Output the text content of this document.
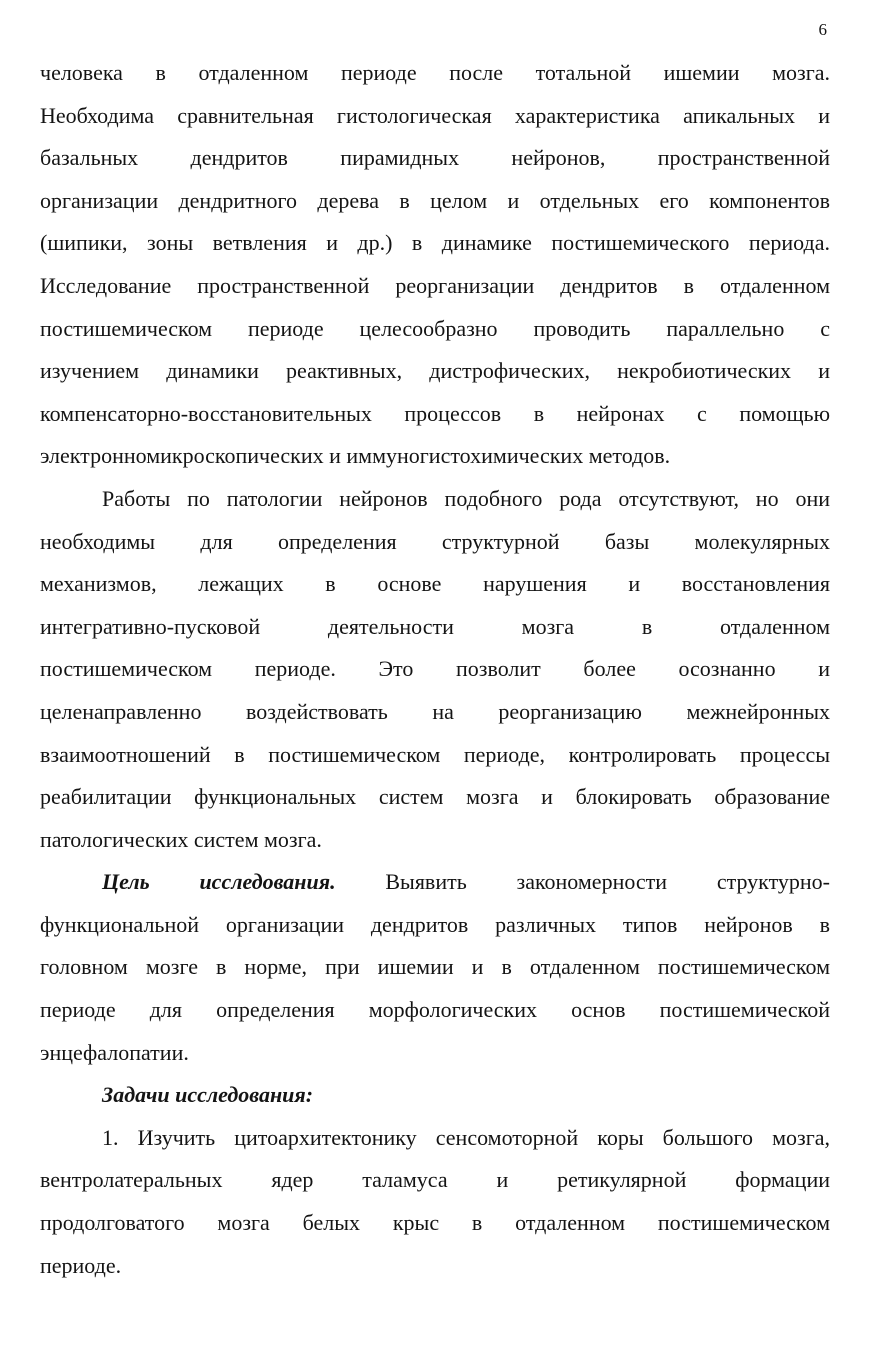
6
человека в отдаленном периоде после тотальной ишемии мозга.
Необходима сравнительная гистологическая характеристика апикальных и
базальных дендритов пирамидных нейронов, пространственной
организации дендритного дерева в целом и отдельных его компонентов
(шипики, зоны ветвления и др.) в динамике постишемического периода.
Исследование пространственной реорганизации дендритов в отдаленном
постишемическом периоде целесообразно проводить параллельно с
изучением динамики реактивных, дистрофических, некробиотических и
компенсаторно-восстановительных процессов в нейронах с помощью
электронномикроскопических и иммуногистохимических методов.
Работы по патологии нейронов подобного рода отсутствуют, но они
необходимы для определения структурной базы молекулярных
механизмов, лежащих в основе нарушения и восстановления
интегративно-пусковой деятельности мозга в отдаленном
постишемическом периоде. Это позволит более осознанно и
целенаправленно воздействовать на реорганизацию межнейронных
взаимоотношений в постишемическом периоде, контролировать процессы
реабилитации функциональных систем мозга и блокировать образование
патологических систем мозга.
Цель исследования. Выявить закономерности структурно-
функциональной организации дендритов различных типов нейронов в
головном мозге в норме, при ишемии и в отдаленном постишемическом
периоде для определения морфологических основ постишемической
энцефалопатии.
Задачи исследования:
1. Изучить цитоархитектонику сенсомоторной коры большого мозга,
вентролатеральных ядер таламуса и ретикулярной формации
продолговатого мозга белых крыс в отдаленном постишемическом
периоде.
